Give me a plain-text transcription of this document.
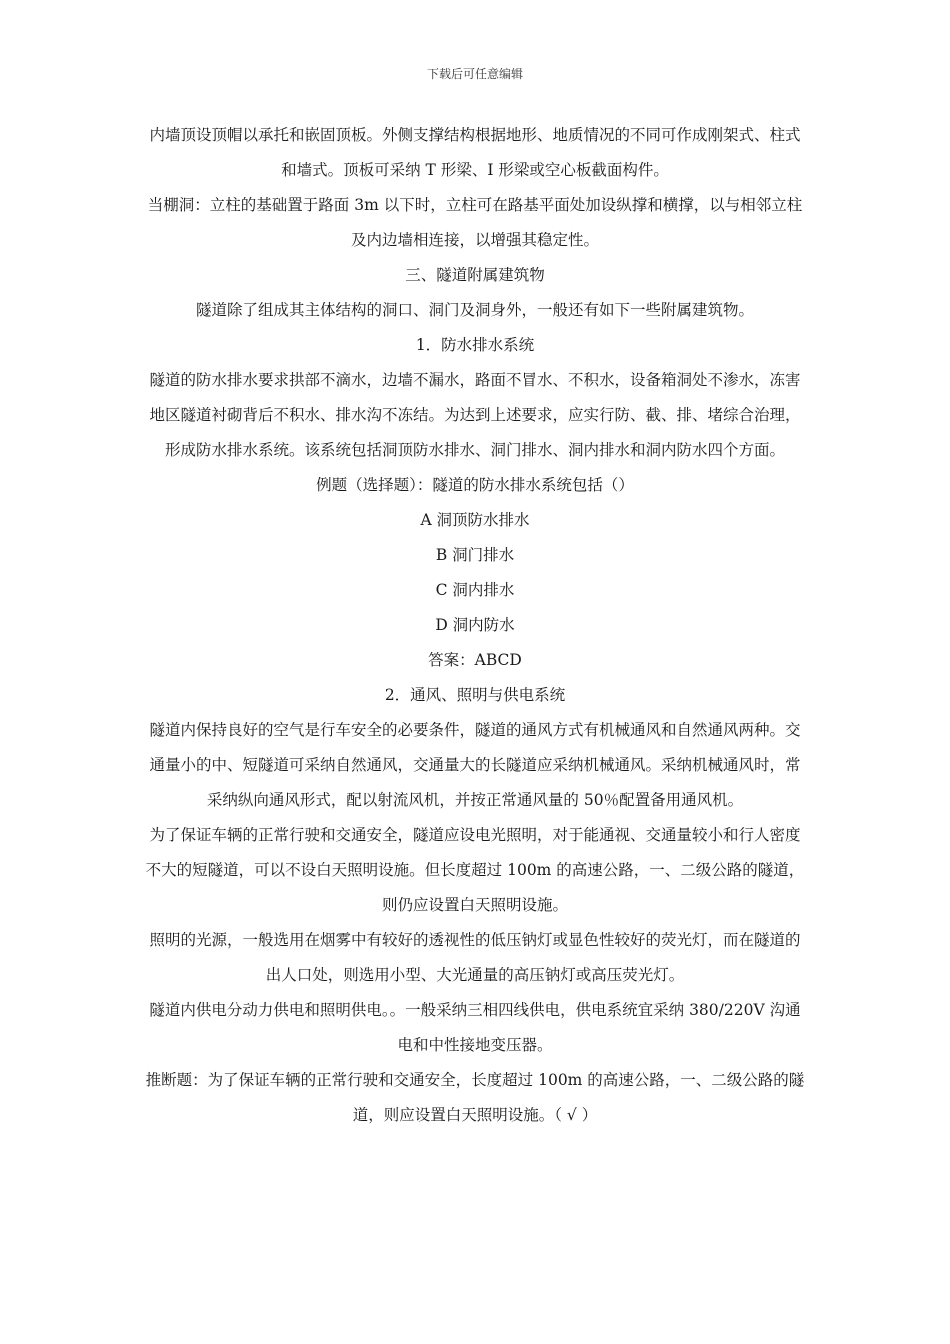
下载后可任意编辑

内墙顶设顶帽以承托和嵌固顶板。外侧支撑结构根据地形、地质情况的不同可作成刚架式、柱式和墙式。顶板可采纳 T 形梁、I 形梁或空心板截面构件。

当棚洞：立柱的基础置于路面 3m 以下时，立柱可在路基平面处加设纵撑和横撑，以与相邻立柱及内边墙相连接，以增强其稳定性。

三、隧道附属建筑物

隧道除了组成其主体结构的洞口、洞门及洞身外，一般还有如下一些附属建筑物。

1．防水排水系统

隧道的防水排水要求拱部不滴水，边墙不漏水，路面不冒水、不积水，设备箱洞处不渗水，冻害地区隧道衬砌背后不积水、排水沟不冻结。为达到上述要求，应实行防、截、排、堵综合治理，形成防水排水系统。该系统包括洞顶防水排水、洞门排水、洞内排水和洞内防水四个方面。

例题（选择题）：隧道的防水排水系统包括（）

A 洞顶防水排水

B 洞门排水

C 洞内排水

D 洞内防水

答案：ABCD

2．通风、照明与供电系统

隧道内保持良好的空气是行车安全的必要条件，隧道的通风方式有机械通风和自然通风两种。交通量小的中、短隧道可采纳自然通风，交通量大的长隧道应采纳机械通风。采纳机械通风时，常采纳纵向通风形式，配以射流风机，并按正常通风量的 50％配置备用通风机。

为了保证车辆的正常行驶和交通安全，隧道应设电光照明，对于能通视、交通量较小和行人密度不大的短隧道，可以不设白天照明设施。但长度超过 100m 的高速公路，一、二级公路的隧道，则仍应设置白天照明设施。

照明的光源，一般选用在烟雾中有较好的透视性的低压钠灯或显色性较好的荧光灯，而在隧道的出人口处，则选用小型、大光通量的高压钠灯或高压荧光灯。

隧道内供电分动力供电和照明供电。。一般采纳三相四线供电，供电系统宜采纳 380/220V 沟通电和中性接地变压器。

推断题：为了保证车辆的正常行驶和交通安全，长度超过 100m 的高速公路，一、二级公路的隧道，则应设置白天照明设施。（ √ ）
